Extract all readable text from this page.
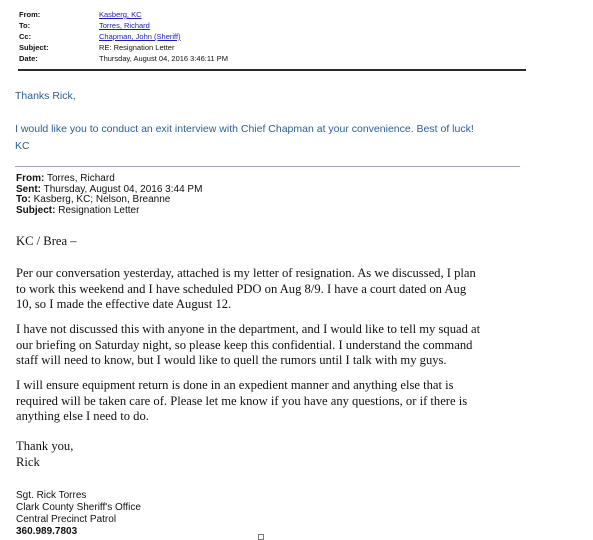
From:	Kasberg, KC
To:	Torres, Richard
Cc:	Chapman, John (Sheriff)
Subject:	RE: Resignation Letter
Date:	Thursday, August 04, 2016 3:46:11 PM

Thanks Rick,

I would like you to conduct an exit interview with Chief Chapman at your convenience. Best of luck!

KC

From: Torres, Richard
Sent: Thursday, August 04, 2016 3:44 PM
To: Kasberg, KC; Nelson, Breanne
Subject: Resignation Letter

KC / Brea –

Per our conversation yesterday, attached is my letter of resignation. As we discussed, I plan

to work this weekend and I have scheduled PDO on Aug 8/9. I have a court dated on Aug

10, so I made the effective date August 12.

I have not discussed this with anyone in the department, and I would like to tell my squad at

our briefing on Saturday night, so please keep this confidential. I understand the command

staff will need to know, but I would like to quell the rumors until I talk with my guys.

I will ensure equipment return is done in an expedient manner and anything else that is

required will be taken care of. Please let me know if you have any questions, or if there is

anything else I need to do.

Thank you,

Rick

Sgt. Rick Torres
Clark County Sheriff's Office
Central Precinct Patrol
360.989.7803
